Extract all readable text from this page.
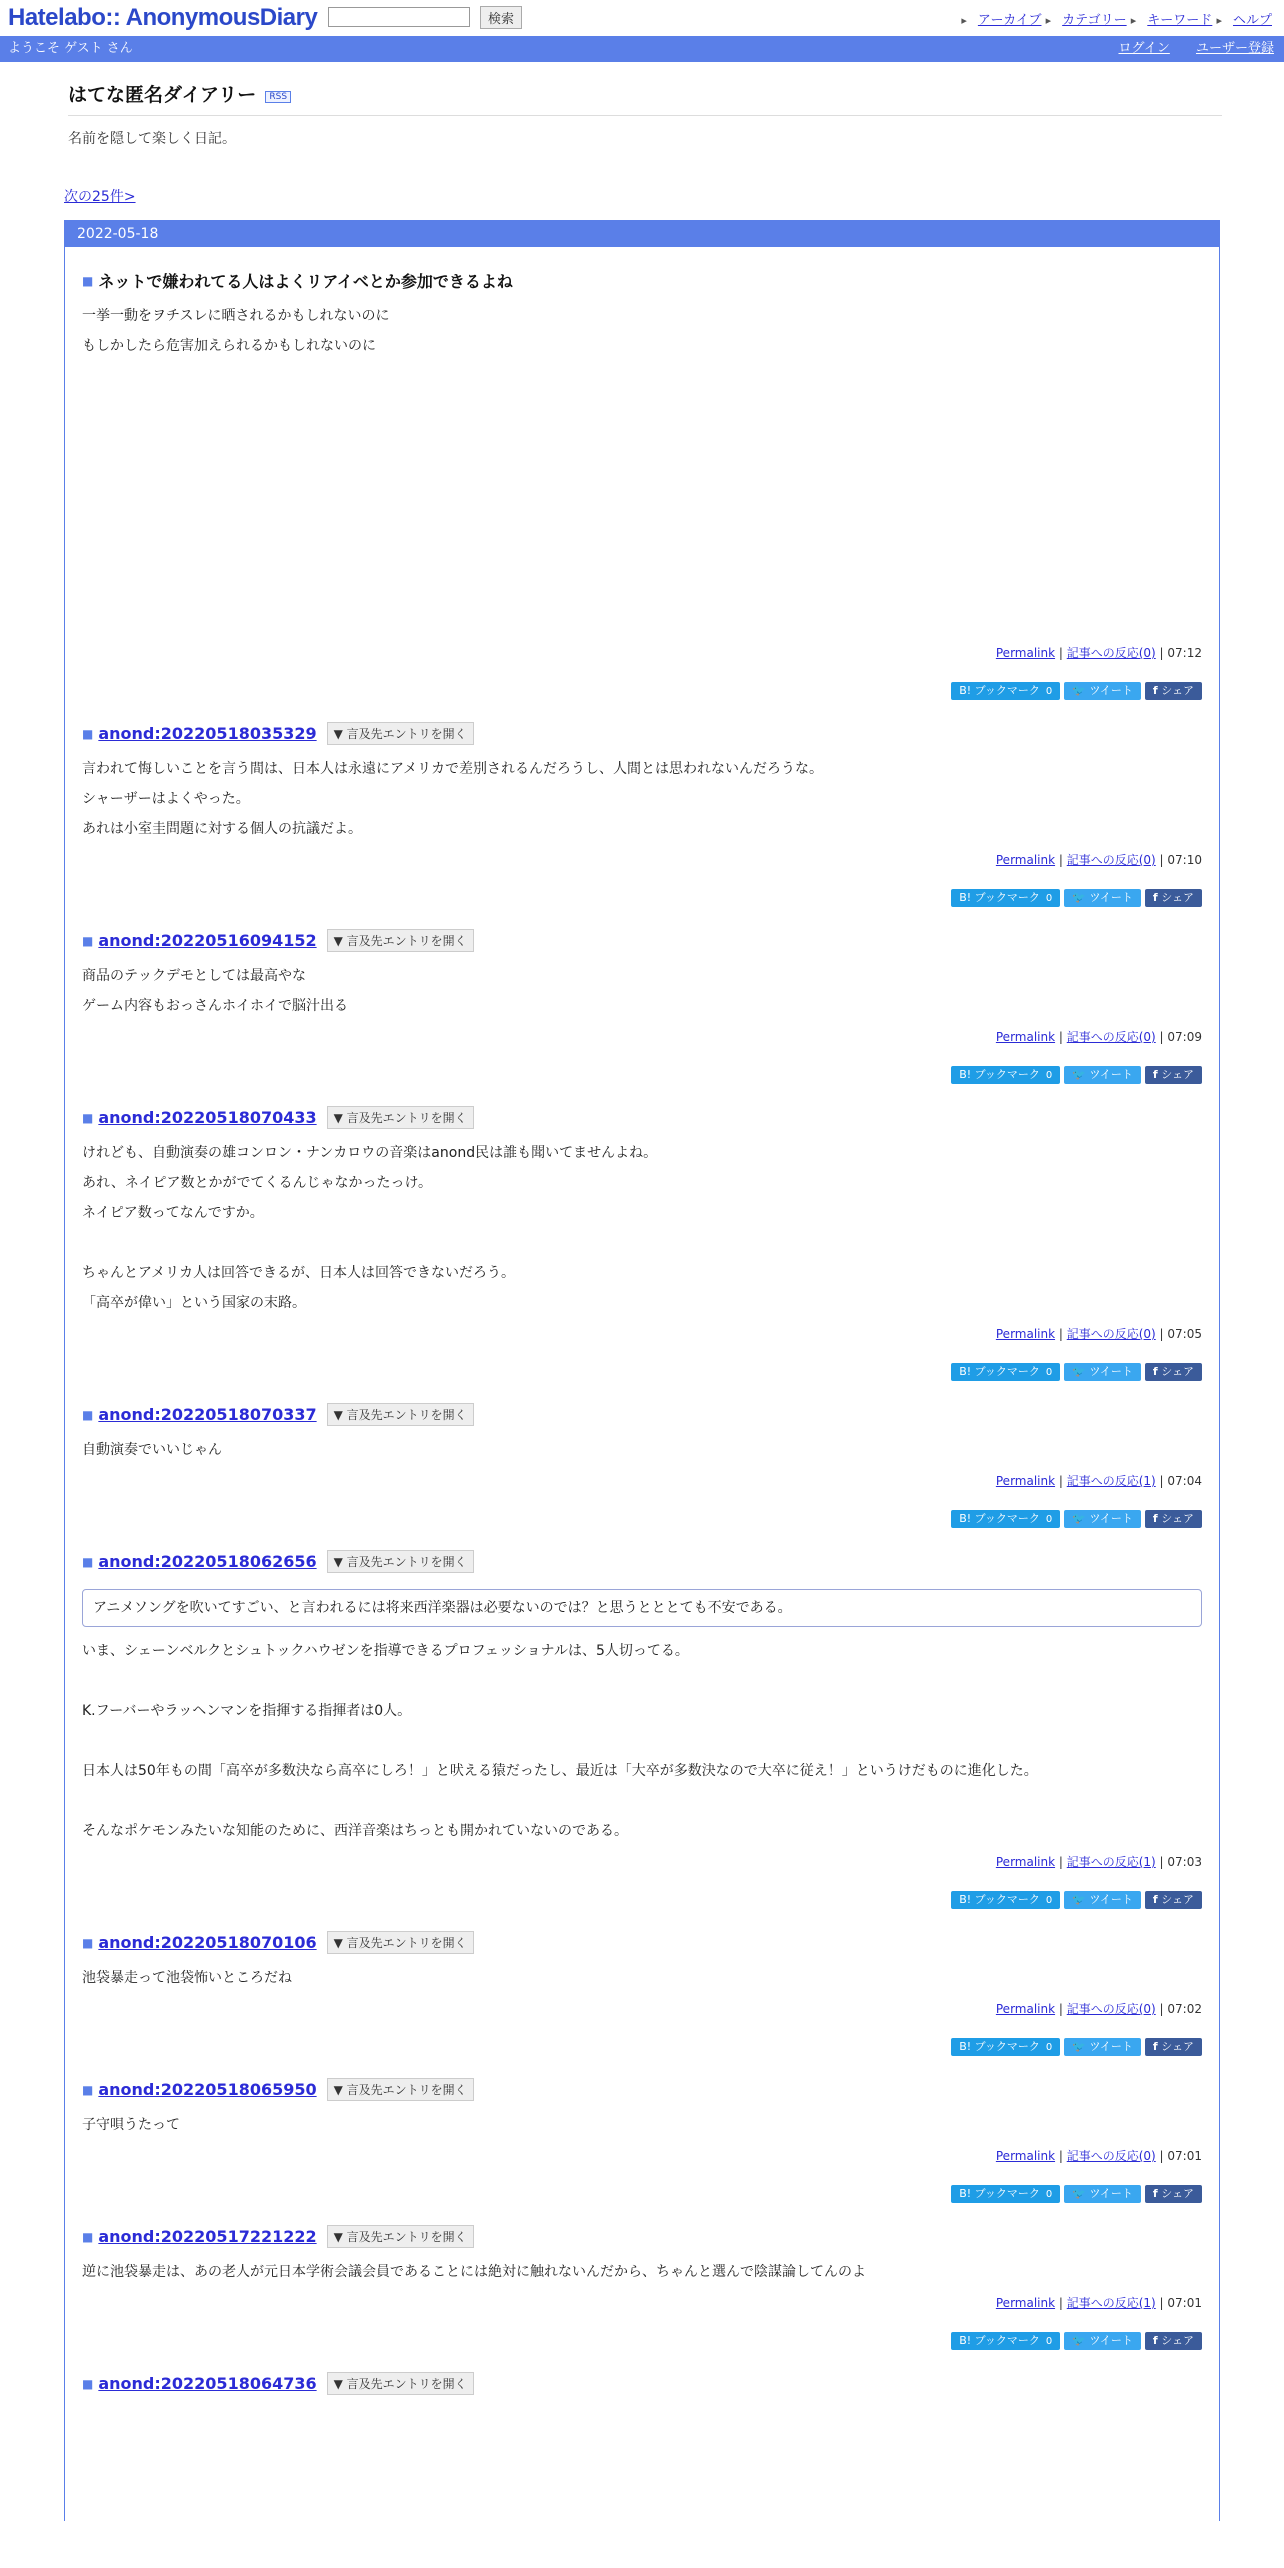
Hatelabo:: AnonymousDiary	検索	▸ アーカイブ ▸ カテゴリー ▸ キーワード ▸ ヘルプ
ようこそ ゲスト さん	ログイン ユーザー登録
はてな匿名ダイアリー RSS
名前を隠して楽しく日記。
次の25件>
2022-05-18
■ ネットで嫌われてる人はよくリアイベとか参加できるよね

一挙一動をヲチスレに晒されるかもしれないのに

もしかしたら危害加えられるかもしれないのに

Permalink | 記事への反応(0) | 07:12
B! ブックマーク 0 🐦 ツイート f シェア
■ anond:20220518035329	▼ 言及先エントリを開く

言われて悔しいことを言う間は、日本人は永遠にアメリカで差別されるんだろうし、人間とは思われないんだろうな。

シャーザーはよくやった。

あれは小室圭問題に対する個人の抗議だよ。

Permalink | 記事への反応(0) | 07:10
B! ブックマーク 0 🐦 ツイート f シェア
■ anond:20220516094152	▼ 言及先エントリを開く

商品のテックデモとしては最高やな

ゲーム内容もおっさんホイホイで脳汁出る

Permalink | 記事への反応(0) | 07:09
B! ブックマーク 0 🐦 ツイート f シェア
■ anond:20220518070433	▼ 言及先エントリを開く

けれども、自動演奏の雄コンロン・ナンカロウの音楽はanond民は誰も聞いてませんよね。

あれ、ネイピア数とかがでてくるんじゃなかったっけ。

ネイピア数ってなんですか。

ちゃんとアメリカ人は回答できるが、日本人は回答できないだろう。

「高卒が偉い」という国家の末路。

Permalink | 記事への反応(0) | 07:05
B! ブックマーク 0 🐦 ツイート f シェア
■ anond:20220518070337	▼ 言及先エントリを開く

自動演奏でいいじゃん

Permalink | 記事への反応(1) | 07:04
B! ブックマーク 0 🐦 ツイート f シェア
■ anond:20220518062656	▼ 言及先エントリを開く
アニメソングを吹いてすごい、と言われるには将来西洋楽器は必要ないのでは？と思うとととても不安である。

いま、シェーンベルクとシュトックハウゼンを指導できるプロフェッショナルは、5人切ってる。

K.フーバーやラッヘンマンを指揮する指揮者は0人。

日本人は50年もの間「高卒が多数決なら高卒にしろ！」と吠える猿だったし、最近は「大卒が多数決なので大卒に従え！」というけだものに進化した。

そんなポケモンみたいな知能のために、西洋音楽はちっとも開かれていないのである。

Permalink | 記事への反応(1) | 07:03
B! ブックマーク 0 🐦 ツイート f シェア
■ anond:20220518070106	▼ 言及先エントリを開く

池袋暴走って池袋怖いところだね

Permalink | 記事への反応(0) | 07:02
B! ブックマーク 0 🐦 ツイート f シェア
■ anond:20220518065950	▼ 言及先エントリを開く

子守唄うたって

Permalink | 記事への反応(0) | 07:01
B! ブックマーク 0 🐦 ツイート f シェア
■ anond:20220517221222	▼ 言及先エントリを開く

逆に池袋暴走は、あの老人が元日本学術会議会員であることには絶対に触れないんだから、ちゃんと選んで陰謀論してんのよ

Permalink | 記事への反応(1) | 07:01
B! ブックマーク 0 🐦 ツイート f シェア
■ anond:20220518064736	▼ 言及先エントリを開く
